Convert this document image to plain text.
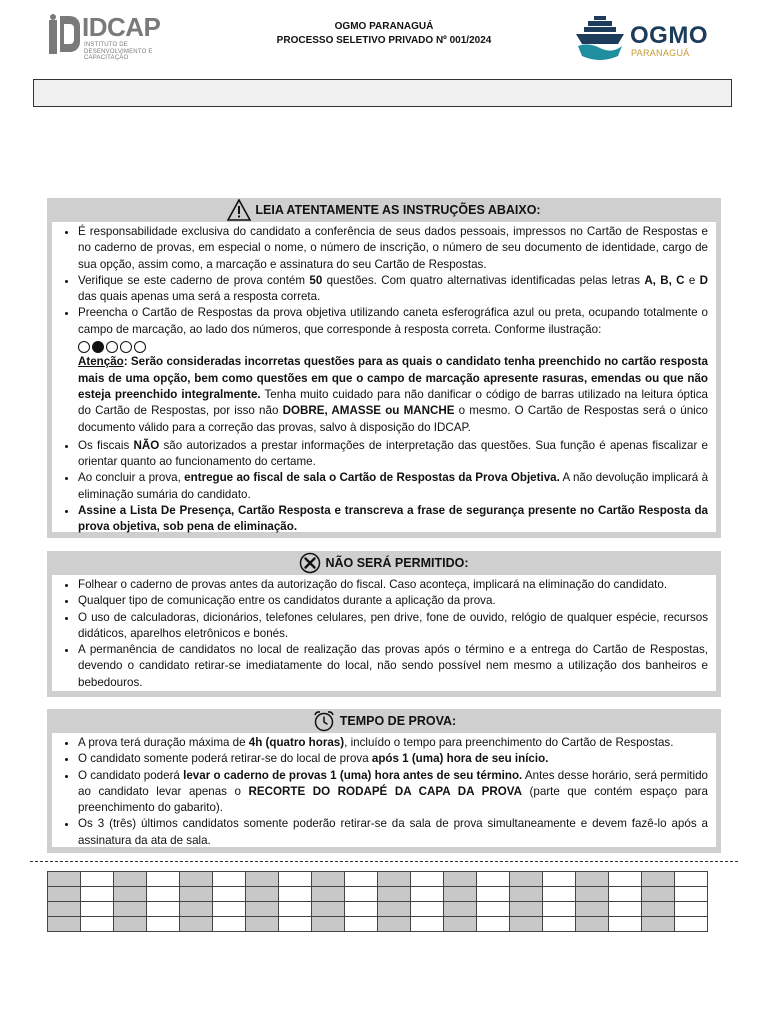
IDCAP
INSTITUTO DE DESENVOLVIMENTO E CAPACITAÇÃO
OGMO PARANAGUÁ
PROCESSO SELETIVO PRIVADO Nº 001/2024	OGMO
PARANAGUÁ
LEIA ATENTAMENTE AS INSTRUÇÕES ABAIXO:
• É responsabilidade exclusiva do candidato a conferência de seus dados pessoais, impressos no Cartão de Respostas e no caderno de provas, em especial o nome, o número de inscrição, o número de seu documento de identidade, cargo de sua opção, assim como, a marcação e assinatura do seu Cartão de Respostas.
• Verifique se este caderno de prova contém 50 questões. Com quatro alternativas identificadas pelas letras A, B, C e D das quais apenas uma será a resposta correta.
• Preencha o Cartão de Respostas da prova objetiva utilizando caneta esferográfica azul ou preta, ocupando totalmente o campo de marcação, ao lado dos números, que corresponde à resposta correta. Conforme ilustração:

Atenção: Serão consideradas incorretas questões para as quais o candidato tenha preenchido no cartão resposta mais de uma opção, bem como questões em que o campo de marcação apresente rasuras, emendas ou que não esteja preenchido integralmente. Tenha muito cuidado para não danificar o código de barras utilizado na leitura óptica do Cartão de Respostas, por isso não DOBRE, AMASSE ou MANCHE o mesmo. O Cartão de Respostas será o único documento válido para a correção das provas, salvo à disposição do IDCAP.
• Os fiscais NÃO são autorizados a prestar informações de interpretação das questões. Sua função é apenas fiscalizar e orientar quanto ao funcionamento do certame.
• Ao concluir a prova, entregue ao fiscal de sala o Cartão de Respostas da Prova Objetiva. A não devolução implicará à eliminação sumária do candidato.
• Assine a Lista De Presença, Cartão Resposta e transcreva a frase de segurança presente no Cartão Resposta da prova objetiva, sob pena de eliminação.
NÃO SERÁ PERMITIDO:
• Folhear o caderno de provas antes da autorização do fiscal. Caso aconteça, implicará na eliminação do candidato.
• Qualquer tipo de comunicação entre os candidatos durante a aplicação da prova.
• O uso de calculadoras, dicionários, telefones celulares, pen drive, fone de ouvido, relógio de qualquer espécie, recursos didáticos, aparelhos eletrônicos e bonés.
• A permanência de candidatos no local de realização das provas após o término e a entrega do Cartão de Respostas, devendo o candidato retirar-se imediatamente do local, não sendo possível nem mesmo a utilização dos banheiros e bebedouros.
TEMPO DE PROVA:
• A prova terá duração máxima de 4h (quatro horas), incluído o tempo para preenchimento do Cartão de Respostas.
• O candidato somente poderá retirar-se do local de prova após 1 (uma) hora de seu início.
• O candidato poderá levar o caderno de provas 1 (uma) hora antes de seu término. Antes desse horário, será permitido ao candidato levar apenas o RECORTE DO RODAPÉ DA CAPA DA PROVA (parte que contém espaço para preenchimento do gabarito).
• Os 3 (três) últimos candidatos somente poderão retirar-se da sala de prova simultaneamente e devem fazê-lo após a assinatura da ata de sala.
